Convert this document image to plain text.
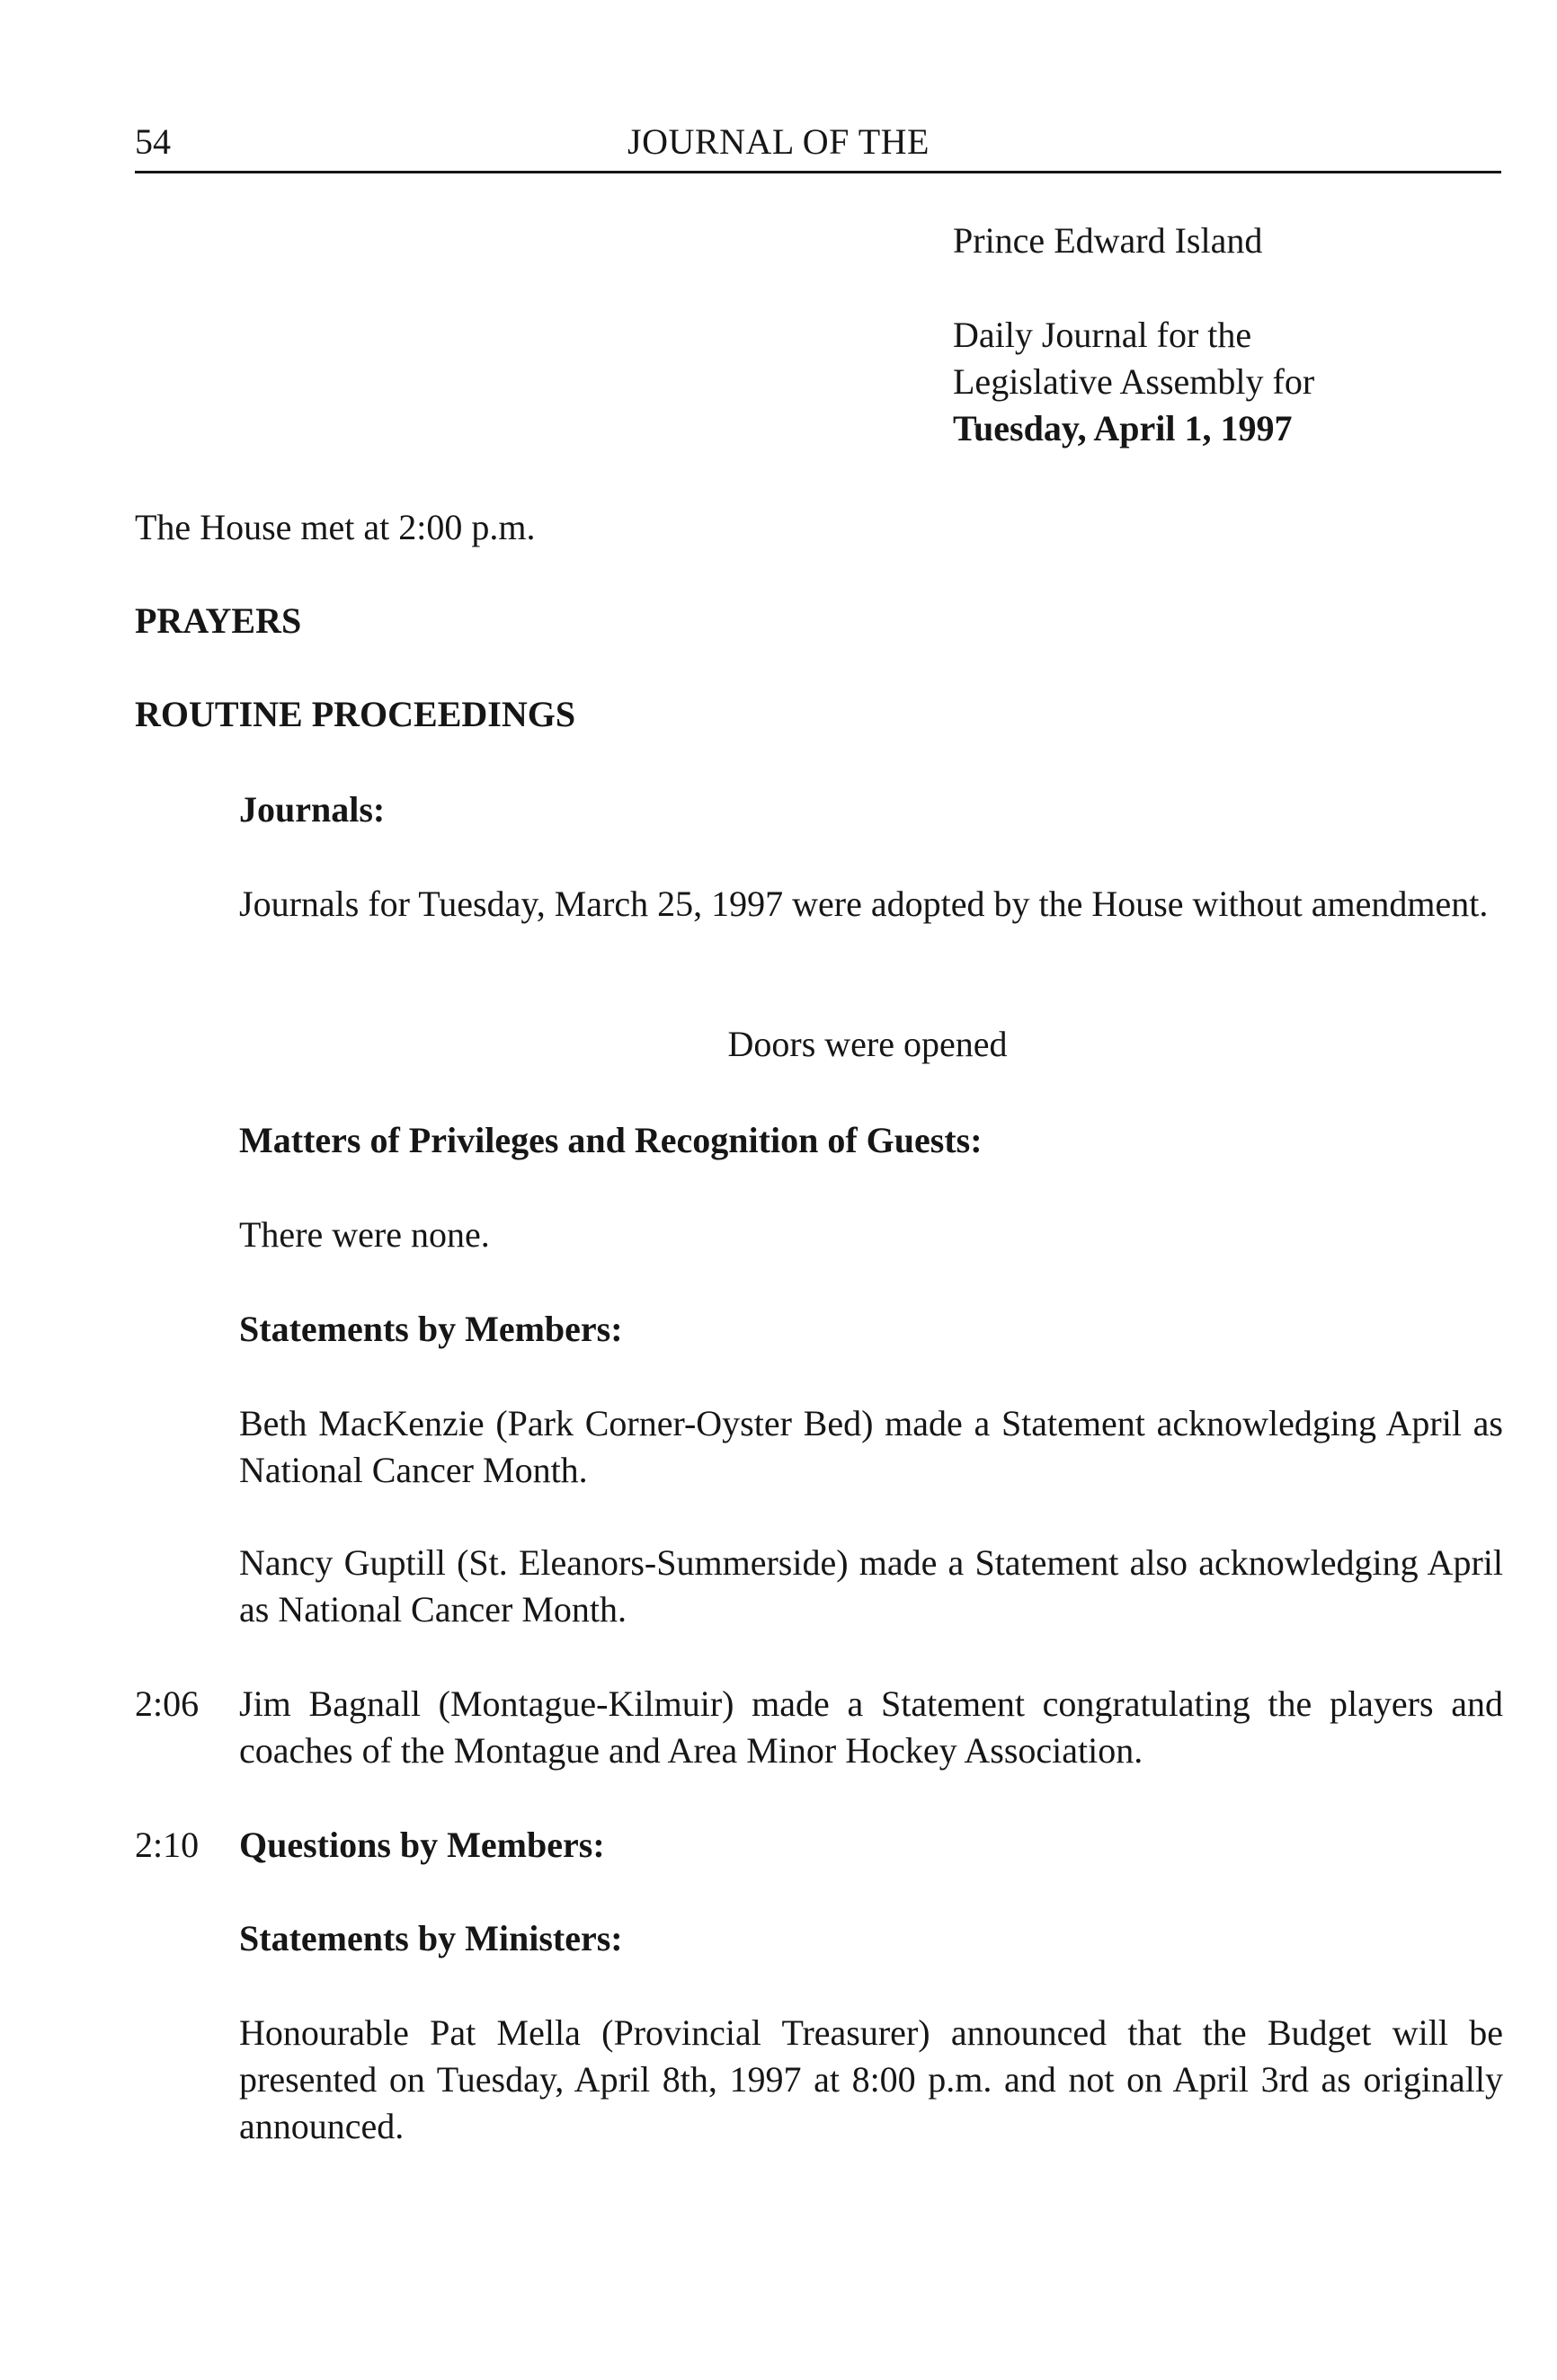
54	JOURNAL OF THE
Prince Edward Island
Daily Journal for the
Legislative Assembly for
Tuesday, April 1, 1997
The House met at 2:00 p.m.
PRAYERS
ROUTINE PROCEEDINGS
Journals:
Journals for Tuesday, March 25, 1997 were adopted by the House without amendment.
Doors were opened
Matters of Privileges and Recognition of Guests:
There were none.
Statements by Members:
Beth MacKenzie (Park Corner-Oyster Bed) made a Statement acknowledging April as National Cancer Month.
Nancy Guptill (St. Eleanors-Summerside) made a Statement also acknowledging April as National Cancer Month.
2:06 Jim Bagnall (Montague-Kilmuir) made a Statement congratulating the players and coaches of the Montague and Area Minor Hockey Association.
2:10 Questions by Members:
Statements by Ministers:
Honourable Pat Mella (Provincial Treasurer) announced that the Budget will be presented on Tuesday, April 8th, 1997 at 8:00 p.m. and not on April 3rd as originally announced.
